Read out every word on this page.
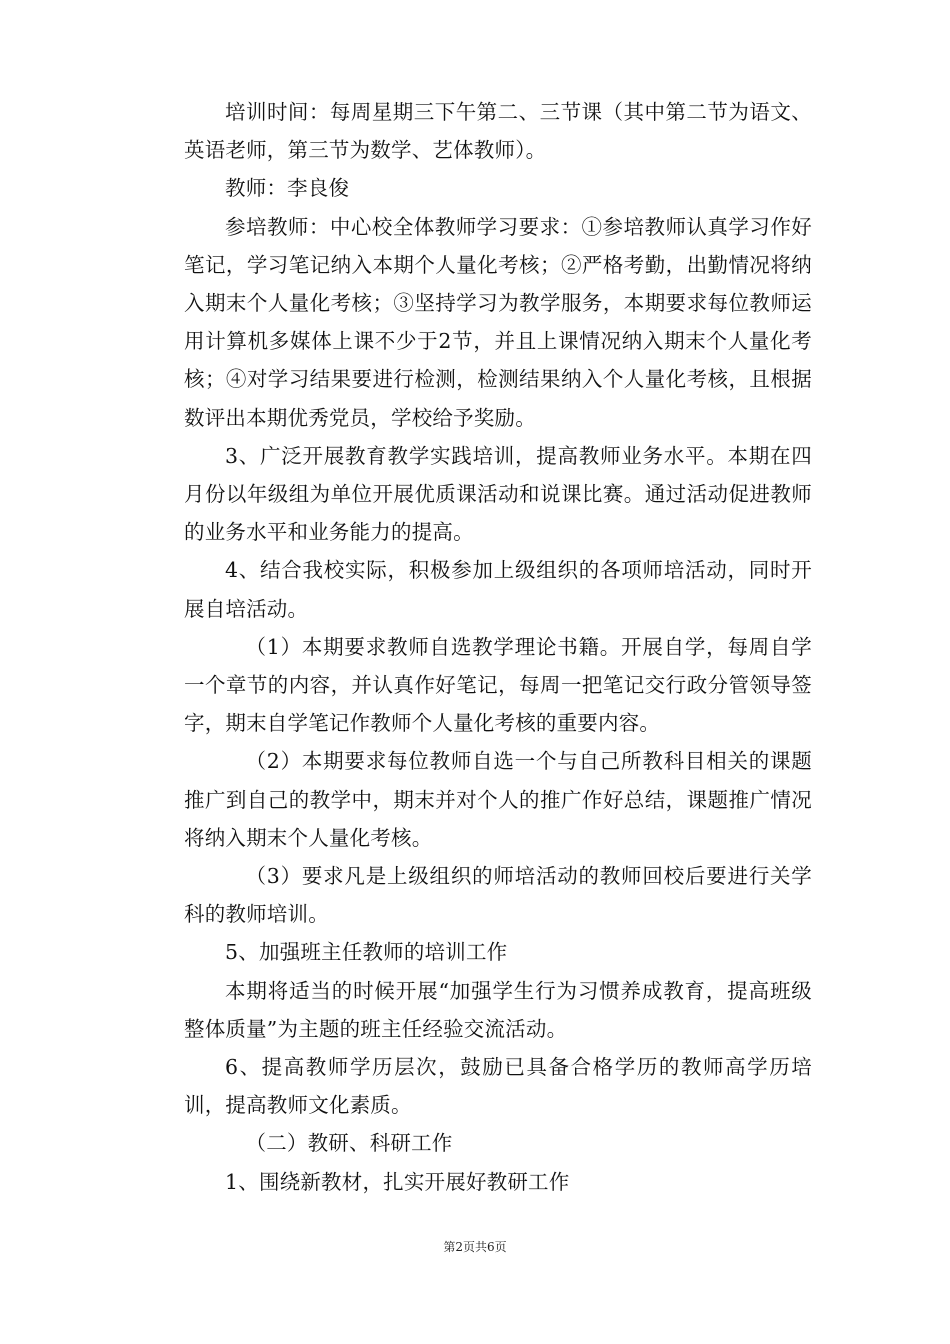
培训时间：每周星期三下午第二、三节课（其中第二节为语文、英语老师，第三节为数学、艺体教师）。

教师：李良俊

参培教师：中心校全体教师学习要求：①参培教师认真学习作好笔记，学习笔记纳入本期个人量化考核；②严格考勤，出勤情况将纳入期末个人量化考核；③坚持学习为教学服务，本期要求每位教师运用计算机多媒体上课不少于2节，并且上课情况纳入期末个人量化考核；④对学习结果要进行检测，检测结果纳入个人量化考核，且根据数评出本期优秀党员，学校给予奖励。

3、广泛开展教育教学实践培训，提高教师业务水平。本期在四月份以年级组为单位开展优质课活动和说课比赛。通过活动促进教师的业务水平和业务能力的提高。

4、结合我校实际，积极参加上级组织的各项师培活动，同时开展自培活动。

（1）本期要求教师自选教学理论书籍。开展自学，每周自学一个章节的内容，并认真作好笔记，每周一把笔记交行政分管领导签字，期末自学笔记作教师个人量化考核的重要内容。

（2）本期要求每位教师自选一个与自己所教科目相关的课题推广到自己的教学中，期末并对个人的推广作好总结，课题推广情况将纳入期末个人量化考核。

（3）要求凡是上级组织的师培活动的教师回校后要进行关学科的教师培训。

5、加强班主任教师的培训工作

本期将适当的时候开展“加强学生行为习惯养成教育，提高班级整体质量”为主题的班主任经验交流活动。

6、提高教师学历层次，鼓励已具备合格学历的教师高学历培训，提高教师文化素质。

（二）教研、科研工作

1、围绕新教材，扎实开展好教研工作

第2页共6页
